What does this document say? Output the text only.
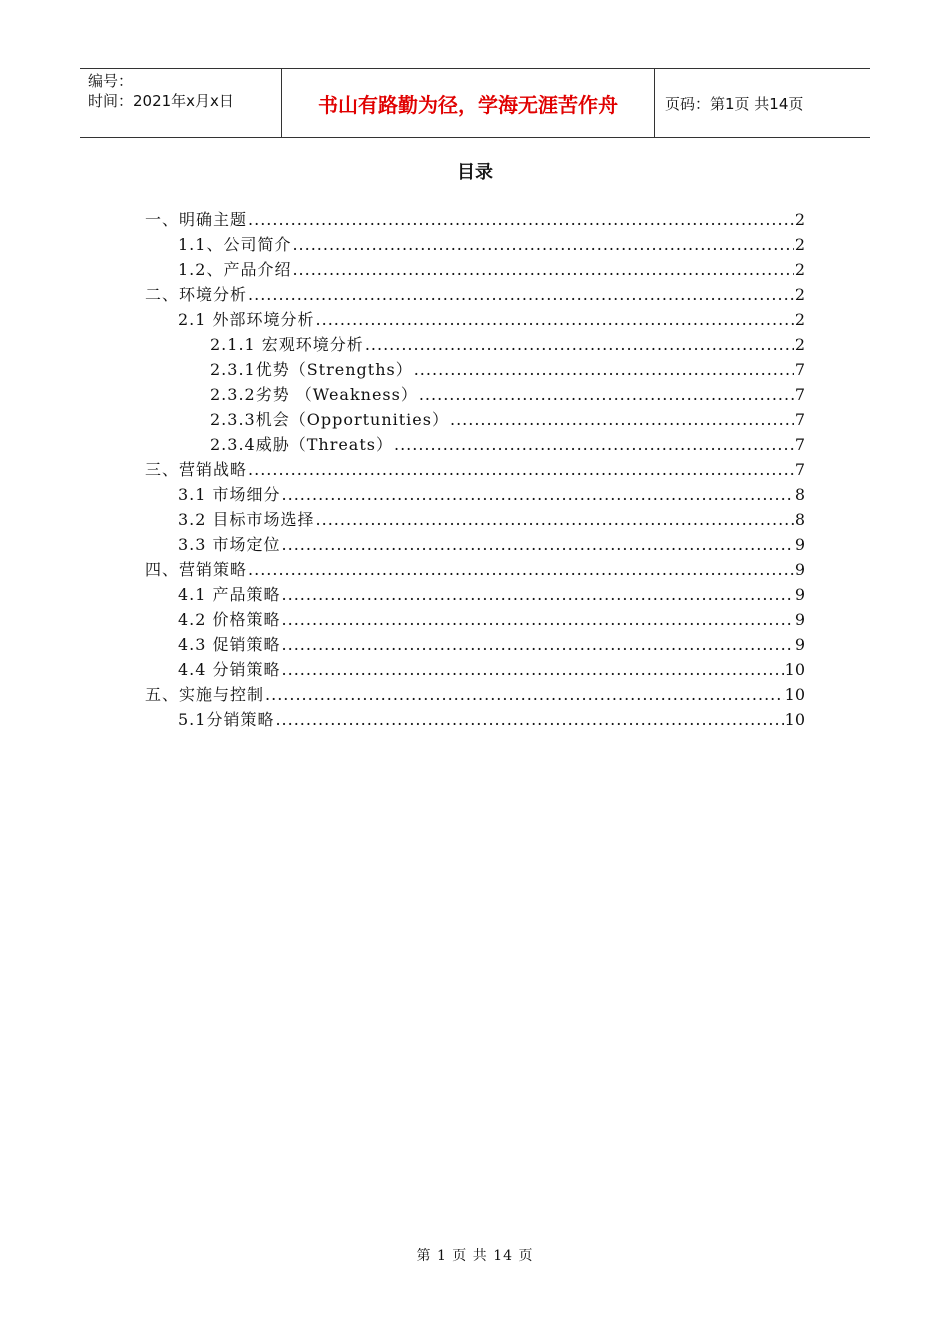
编号：
时间：2021年x月x日	书山有路勤为径，学海无涯苦作舟	页码：第1页 共14页
目录
一、明确主题 .....	2
1.1、公司简介 .....	2
1.2、产品介绍 .....	2
二、环境分析 .....	2
2.1 外部环境分析 .....	2
2.1.1 宏观环境分析 .....	2
2.3.1优势（Strengths） .....	7
2.3.2劣势 （Weakness） .....	7
2.3.3机会（Opportunities） .....	7
2.3.4威胁（Threats） .....	7
三、营销战略 .....	7
3.1 市场细分 .....	8
3.2 目标市场选择 .....	8
3.3 市场定位 .....	9
四、营销策略 .....	9
4.1 产品策略 .....	9
4.2 价格策略 .....	9
4.3 促销策略 .....	9
4.4 分销策略 .....	10
五、实施与控制 .....	10
5.1分销策略 .....	10
第 1 页 共 14 页
